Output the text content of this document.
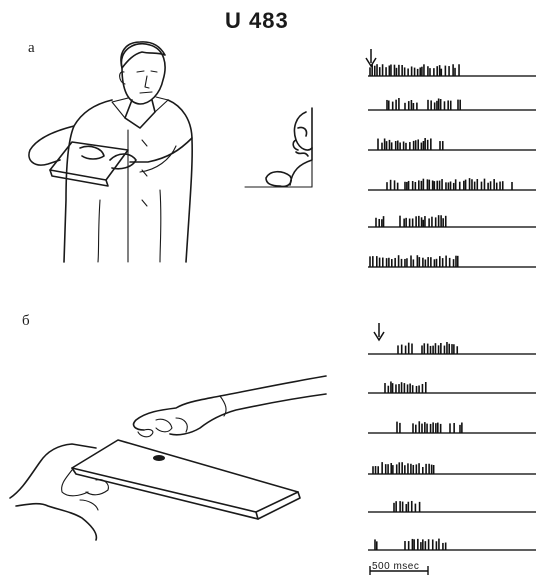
U 483
a
б
500 msec
